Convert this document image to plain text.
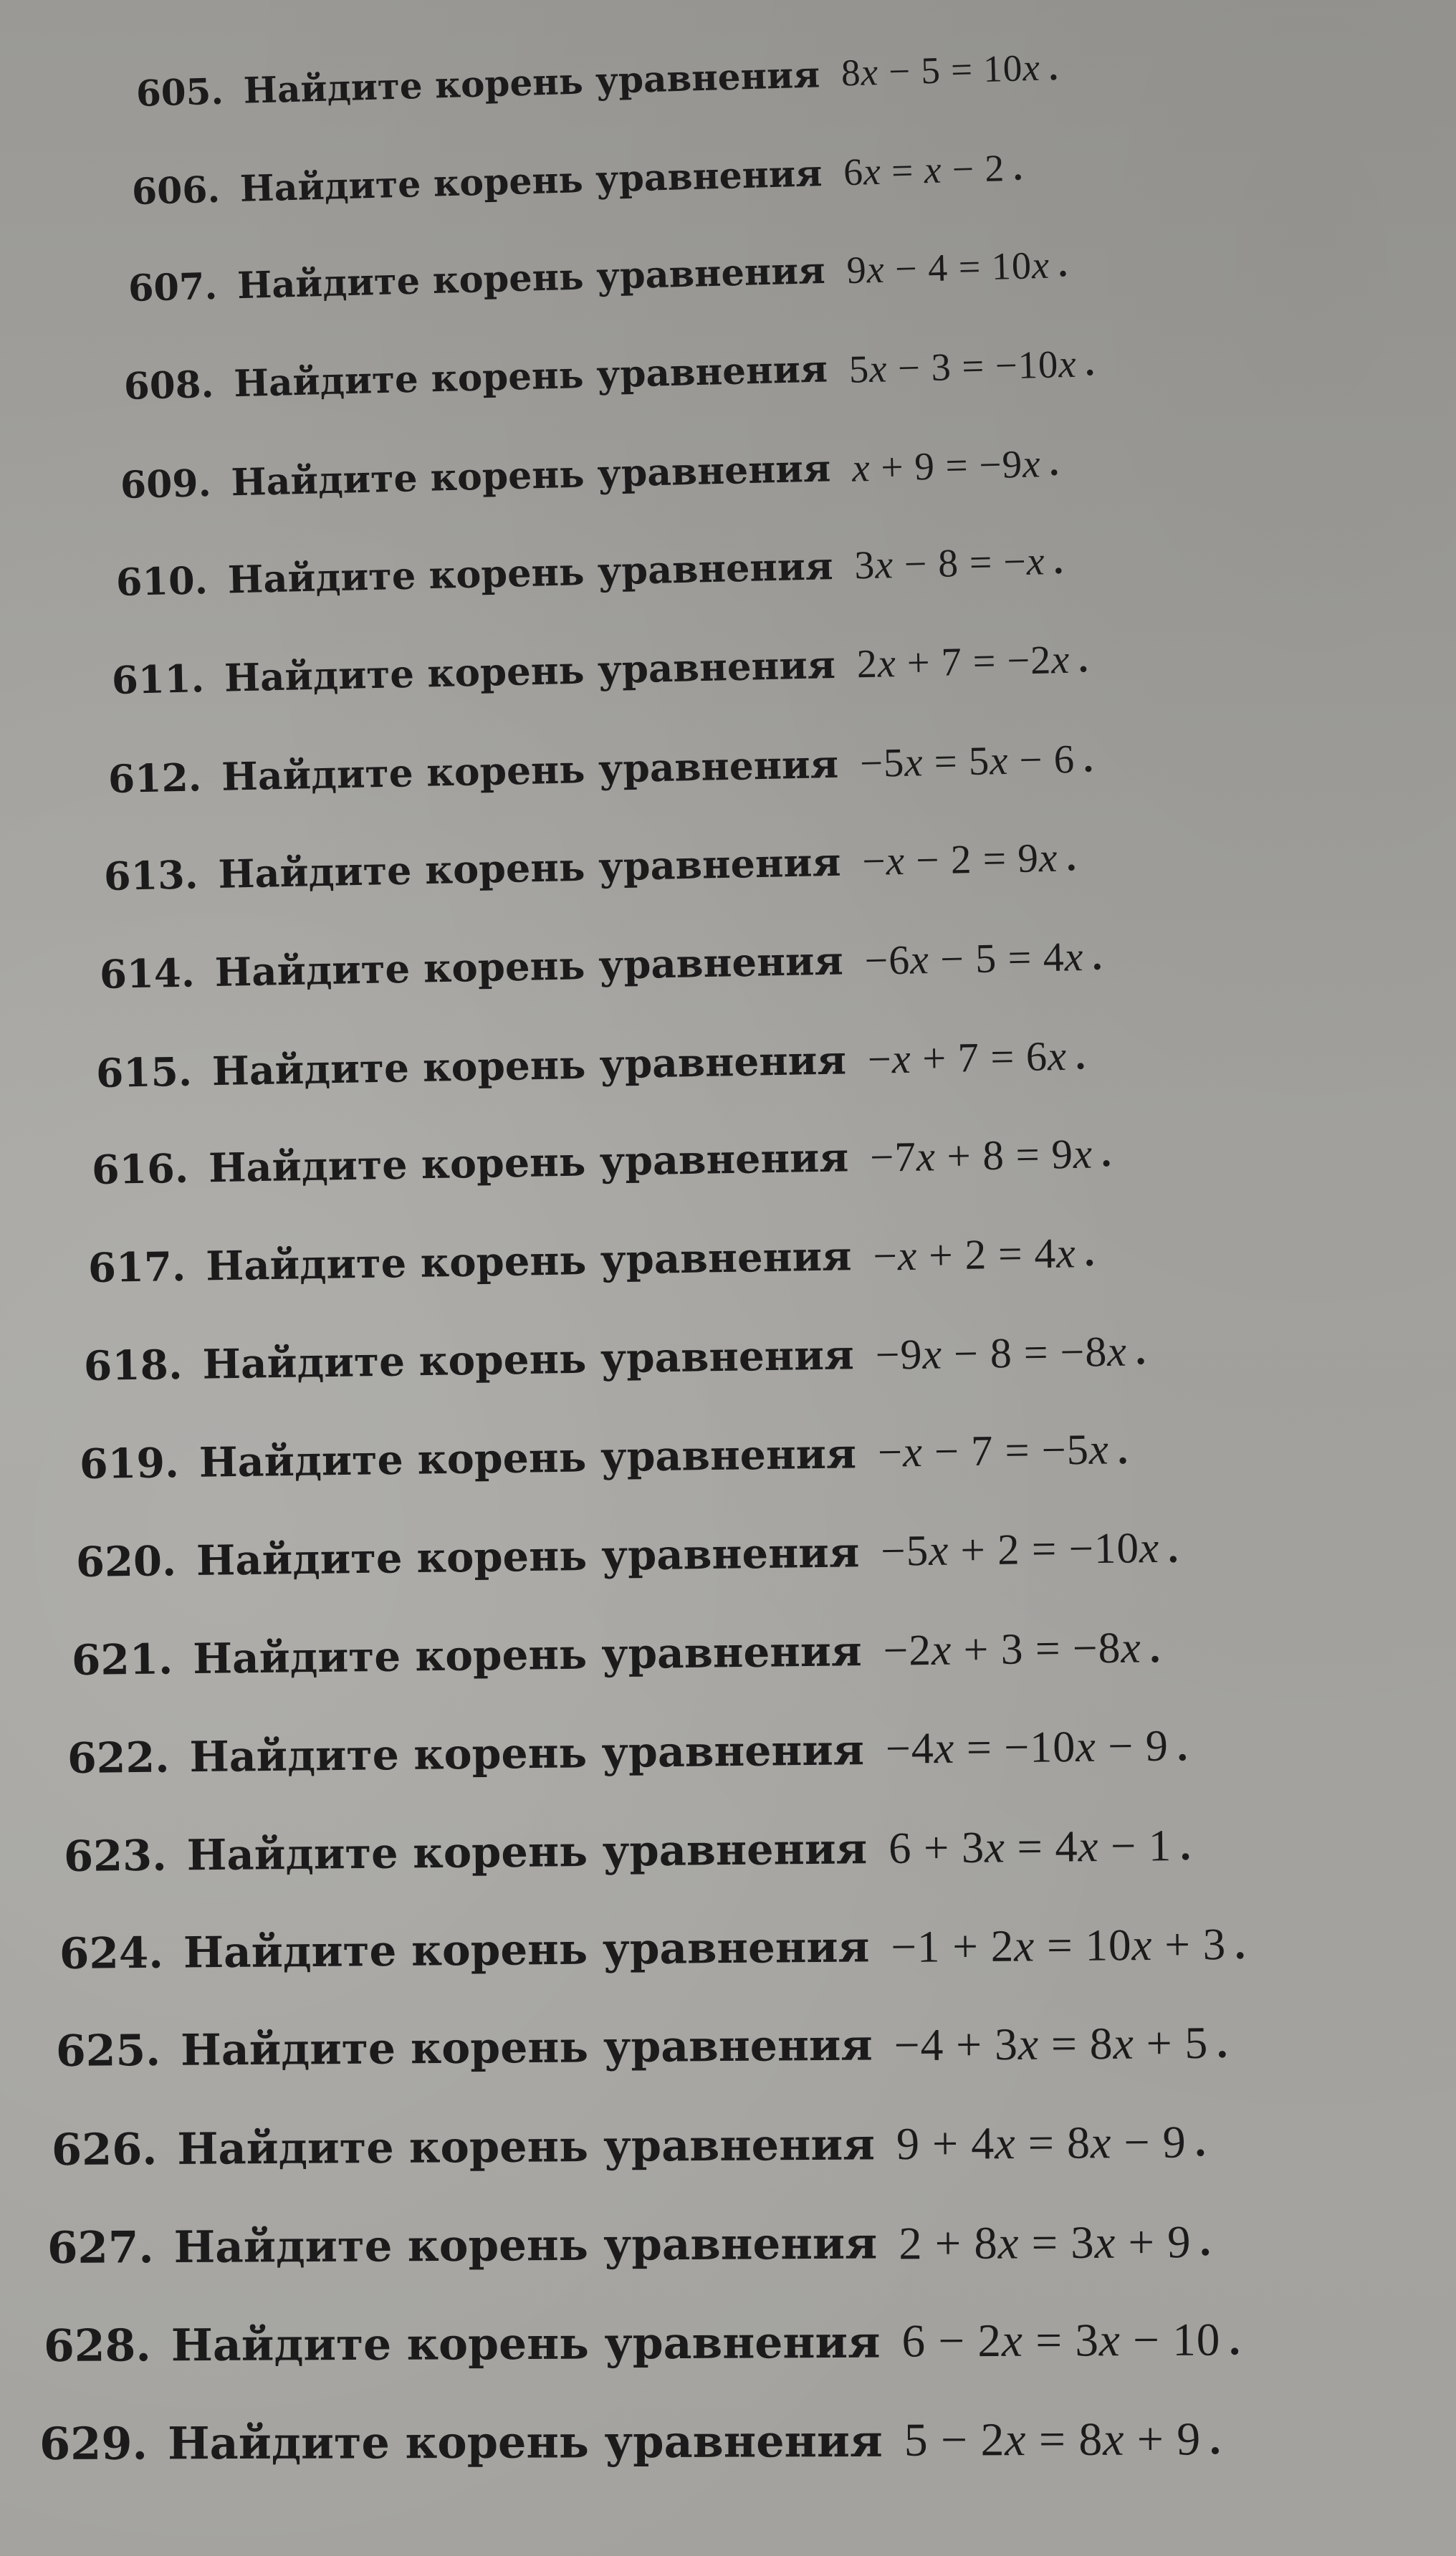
605. Найдите корень уравнения 8x − 5 = 10x .
606. Найдите корень уравнения 6x = x − 2 .
607. Найдите корень уравнения 9x − 4 = 10x .
608. Найдите корень уравнения 5x − 3 = −10x .
609. Найдите корень уравнения x + 9 = −9x .
610. Найдите корень уравнения 3x − 8 = −x .
611. Найдите корень уравнения 2x + 7 = −2x .
612. Найдите корень уравнения −5x = 5x − 6 .
613. Найдите корень уравнения −x − 2 = 9x .
614. Найдите корень уравнения −6x − 5 = 4x .
615. Найдите корень уравнения −x + 7 = 6x .
616. Найдите корень уравнения −7x + 8 = 9x .
617. Найдите корень уравнения −x + 2 = 4x .
618. Найдите корень уравнения −9x − 8 = −8x .
619. Найдите корень уравнения −x − 7 = −5x .
620. Найдите корень уравнения −5x + 2 = −10x .
621. Найдите корень уравнения −2x + 3 = −8x .
622. Найдите корень уравнения −4x = −10x − 9 .
623. Найдите корень уравнения 6 + 3x = 4x − 1 .
624. Найдите корень уравнения −1 + 2x = 10x + 3 .
625. Найдите корень уравнения −4 + 3x = 8x + 5 .
626. Найдите корень уравнения 9 + 4x = 8x − 9 .
627. Найдите корень уравнения 2 + 8x = 3x + 9 .
628. Найдите корень уравнения 6 − 2x = 3x − 10 .
629. Найдите корень уравнения 5 − 2x = 8x + 9 .
